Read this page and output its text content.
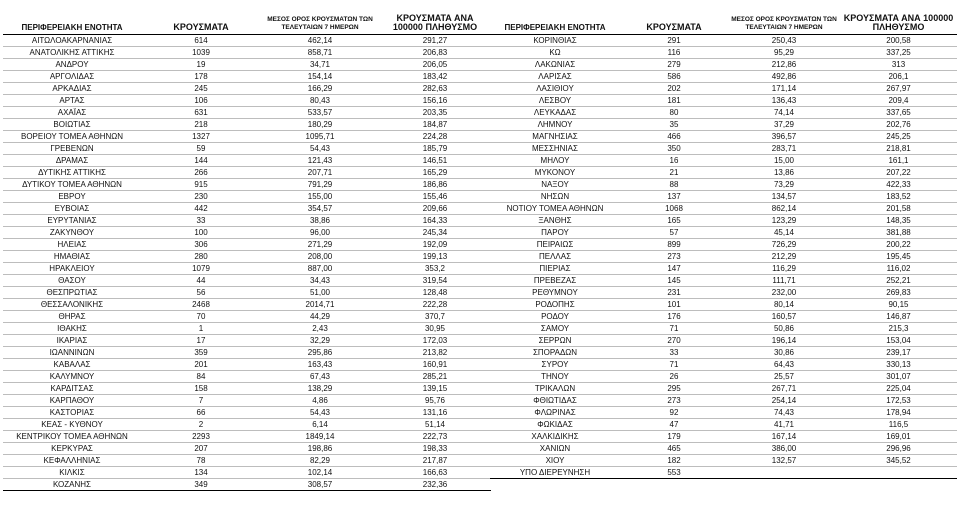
ΠΕΡΙΦΕΡΕΙΑΚΗ ΕΝΟΤΗΤΑ	ΚΡΟΥΣΜΑΤΑ	ΜΕΣΟΣ ΟΡΟΣ ΚΡΟΥΣΜΑΤΩΝ ΤΩΝ ΤΕΛΕΥΤΑΙΩΝ 7 ΗΜΕΡΩΝ	ΚΡΟΥΣΜΑΤΑ ΑΝΑ 100000 ΠΛΗΘΥΣΜΟ
ΑΙΤΩΛΟΑΚΑΡΝΑΝΙΑΣ	614	462,14	291,27
ΑΝΑΤΟΛΙΚΗΣ ΑΤΤΙΚΗΣ	1039	858,71	206,83
ΑΝΔΡΟΥ	19	34,71	206,05
ΑΡΓΟΛΙΔΑΣ	178	154,14	183,42
ΑΡΚΑΔΙΑΣ	245	166,29	282,63
ΑΡΤΑΣ	106	80,43	156,16
ΑΧΑΪΑΣ	631	533,57	203,35
ΒΟΙΩΤΙΑΣ	218	180,29	184,87
ΒΟΡΕΙΟΥ ΤΟΜΕΑ ΑΘΗΝΩΝ	1327	1095,71	224,28
ΓΡΕΒΕΝΩΝ	59	54,43	185,79
ΔΡΑΜΑΣ	144	121,43	146,51
ΔΥΤΙΚΗΣ ΑΤΤΙΚΗΣ	266	207,71	165,29
ΔΥΤΙΚΟΥ ΤΟΜΕΑ ΑΘΗΝΩΝ	915	791,29	186,86
ΕΒΡΟΥ	230	155,00	155,46
ΕΥΒΟΙΑΣ	442	354,57	209,66
ΕΥΡΥΤΑΝΙΑΣ	33	38,86	164,33
ΖΑΚΥΝΘΟΥ	100	96,00	245,34
ΗΛΕΙΑΣ	306	271,29	192,09
ΗΜΑΘΙΑΣ	280	208,00	199,13
ΗΡΑΚΛΕΙΟΥ	1079	887,00	353,2
ΘΑΣΟΥ	44	34,43	319,54
ΘΕΣΠΡΩΤΙΑΣ	56	51,00	128,48
ΘΕΣΣΑΛΟΝΙΚΗΣ	2468	2014,71	222,28
ΘΗΡΑΣ	70	44,29	370,7
ΙΘΑΚΗΣ	1	2,43	30,95
ΙΚΑΡΙΑΣ	17	32,29	172,03
ΙΩΑΝΝΙΝΩΝ	359	295,86	213,82
ΚΑΒΑΛΑΣ	201	163,43	160,91
ΚΑΛΥΜΝΟΥ	84	67,43	285,21
ΚΑΡΔΙΤΣΑΣ	158	138,29	139,15
ΚΑΡΠΑΘΟΥ	7	4,86	95,76
ΚΑΣΤΟΡΙΑΣ	66	54,43	131,16
ΚΕΑΣ - ΚΥΘΝΟΥ	2	6,14	51,14
ΚΕΝΤΡΙΚΟΥ ΤΟΜΕΑ ΑΘΗΝΩΝ	2293	1849,14	222,73
ΚΕΡΚΥΡΑΣ	207	198,86	198,33
ΚΕΦΑΛΛΗΝΙΑΣ	78	82,29	217,87
ΚΙΛΚΙΣ	134	102,14	166,63
ΚΟΖΑΝΗΣ	349	308,57	232,36
ΠΕΡΙΦΕΡΕΙΑΚΗ ΕΝΟΤΗΤΑ	ΚΡΟΥΣΜΑΤΑ	ΜΕΣΟΣ ΟΡΟΣ ΚΡΟΥΣΜΑΤΩΝ ΤΩΝ ΤΕΛΕΥΤΑΙΩΝ 7 ΗΜΕΡΩΝ	ΚΡΟΥΣΜΑΤΑ ΑΝΑ 100000 ΠΛΗΘΥΣΜΟ
ΚΟΡΙΝΘΙΑΣ	291	250,43	200,58
ΚΩ	116	95,29	337,25
ΛΑΚΩΝΙΑΣ	279	212,86	313
ΛΑΡΙΣΑΣ	586	492,86	206,1
ΛΑΣΙΘΙΟΥ	202	171,14	267,97
ΛΕΣΒΟΥ	181	136,43	209,4
ΛΕΥΚΑΔΑΣ	80	74,14	337,65
ΛΗΜΝΟΥ	35	37,29	202,76
ΜΑΓΝΗΣΙΑΣ	466	396,57	245,25
ΜΕΣΣΗΝΙΑΣ	350	283,71	218,81
ΜΗΛΟΥ	16	15,00	161,1
ΜΥΚΟΝΟΥ	21	13,86	207,22
ΝΑΞΟΥ	88	73,29	422,33
ΝΗΣΩΝ	137	134,57	183,52
ΝΟΤΙΟΥ ΤΟΜΕΑ ΑΘΗΝΩΝ	1068	862,14	201,58
ΞΑΝΘΗΣ	165	123,29	148,35
ΠΑΡΟΥ	57	45,14	381,88
ΠΕΙΡΑΙΩΣ	899	726,29	200,22
ΠΕΛΛΑΣ	273	212,29	195,45
ΠΙΕΡΙΑΣ	147	116,29	116,02
ΠΡΕΒΕΖΑΣ	145	111,71	252,21
ΡΕΘΥΜΝΟΥ	231	232,00	269,83
ΡΟΔΟΠΗΣ	101	80,14	90,15
ΡΟΔΟΥ	176	160,57	146,87
ΣΑΜΟΥ	71	50,86	215,3
ΣΕΡΡΩΝ	270	196,14	153,04
ΣΠΟΡΑΔΩΝ	33	30,86	239,17
ΣΥΡΟΥ	71	64,43	330,13
ΤΗΝΟΥ	26	25,57	301,07
ΤΡΙΚΑΛΩΝ	295	267,71	225,04
ΦΘΙΩΤΙΔΑΣ	273	254,14	172,53
ΦΛΩΡΙΝΑΣ	92	74,43	178,94
ΦΩΚΙΔΑΣ	47	41,71	116,5
ΧΑΛΚΙΔΙΚΗΣ	179	167,14	169,01
ΧΑΝΙΩΝ	465	386,00	296,96
ΧΙΟΥ	182	132,57	345,52
ΥΠΟ ΔΙΕΡΕΥΝΗΣΗ	553		
